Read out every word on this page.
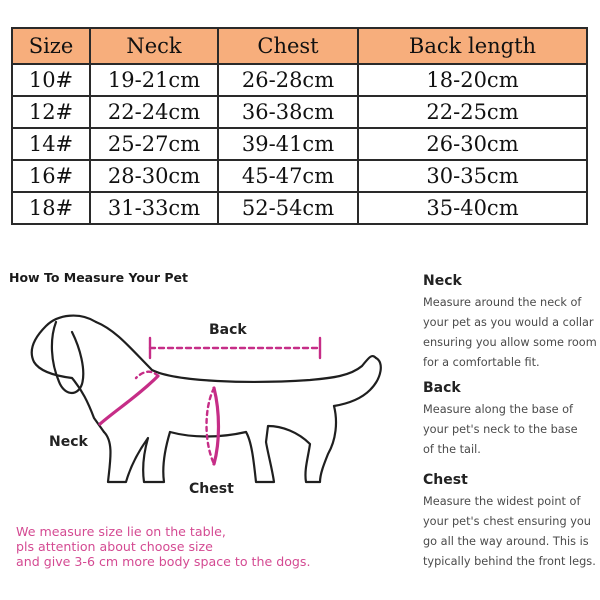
Size	Neck	Chest	Back length
10#	19-21cm	26-28cm	18-20cm
12#	22-24cm	36-38cm	22-25cm
14#	25-27cm	39-41cm	26-30cm
16#	28-30cm	45-47cm	30-35cm
18#	31-33cm	52-54cm	35-40cm
How To Measure Your Pet
Back
Neck
Chest
We measure size lie on the table,
pls attention about choose size
and give 3-6 cm more body space to the dogs.
Neck

Measure around the neck of
your pet as you would a collar
ensuring you allow some room
for a comfortable fit.

Back

Measure along the base of
your pet's neck to the base
of the tail.

Chest

Measure the widest point of
your pet's chest ensuring you
go all the way around. This is
typically behind the front legs.
